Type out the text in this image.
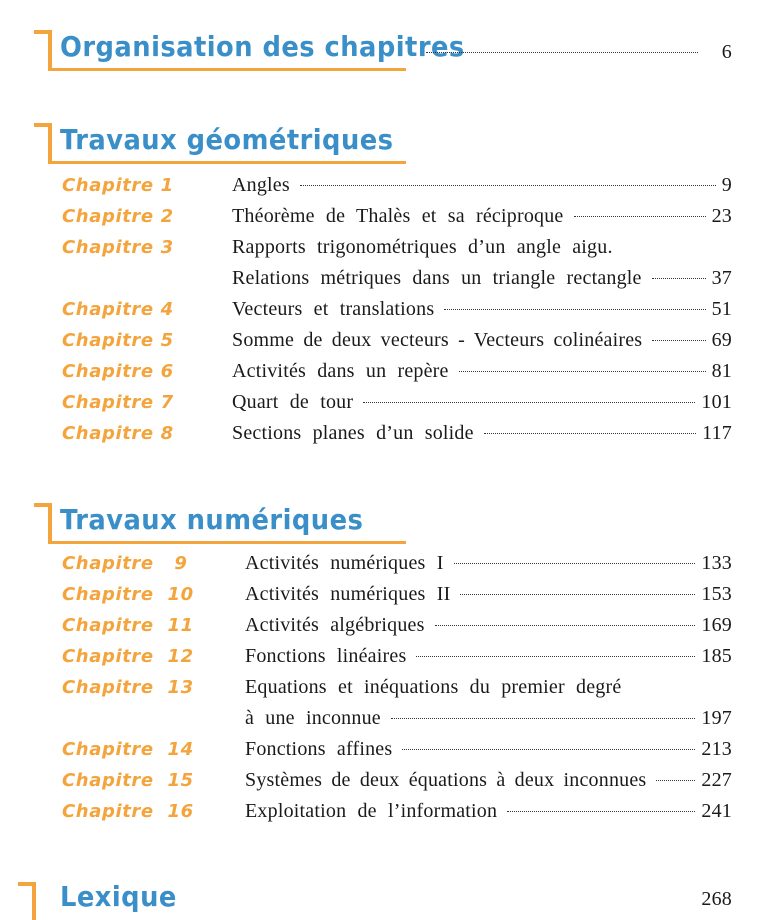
Organisation des chapitres	6
Travaux géométriques
Chapitre 1	Angles	9
Chapitre 2	Théorème de Thalès et sa réciproque	23
Chapitre 3	Rapports trigonométriques d’un angle aigu.
Relations métriques dans un triangle rectangle	37
Chapitre 4	Vecteurs et translations	51
Chapitre 5	Somme de deux vecteurs - Vecteurs colinéaires	69
Chapitre 6	Activités dans un repère	81
Chapitre 7	Quart de tour	101
Chapitre 8	Sections planes d’un solide	117
Travaux numériques
Chapitre   9	Activités numériques I	133
Chapitre  10	Activités numériques II	153
Chapitre  11	Activités algébriques	169
Chapitre  12	Fonctions linéaires	185
Chapitre  13	Equations et inéquations du premier degré
à une inconnue	197
Chapitre  14	Fonctions affines	213
Chapitre  15	Systèmes de deux équations à deux inconnues	227
Chapitre  16	Exploitation de l’information	241
Lexique	268
